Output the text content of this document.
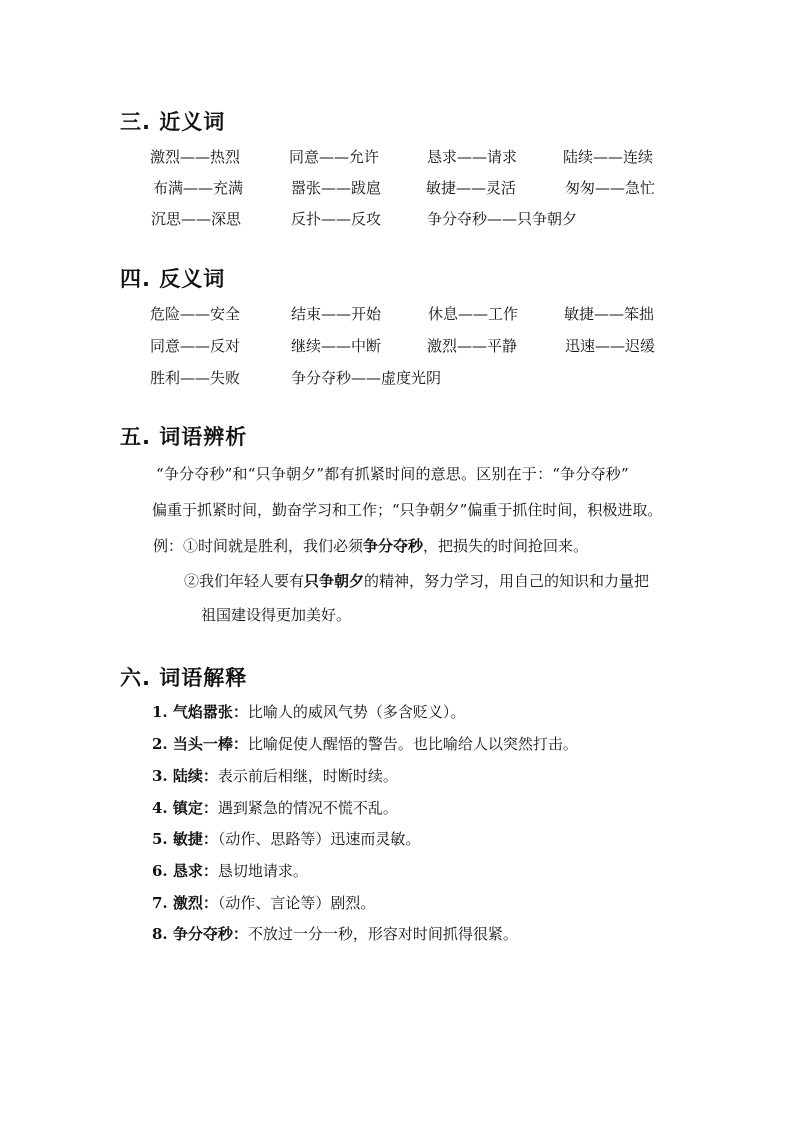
三. 近义词
激烈——热烈	同意——允许	恳求——请求	陆续——连续
布满——充满	嚣张——跋扈	敏捷——灵活	匆匆——急忙
沉思——深思	反扑——反攻	争分夺秒——只争朝夕
四. 反义词
危险——安全	结束——开始	休息——工作	敏捷——笨拙
同意——反对	继续——中断	激烈——平静	迅速——迟缓
胜利——失败	争分夺秒——虚度光阴
五. 词语辨析
“争分夺秒”和“只争朝夕”都有抓紧时间的意思。区别在于：“争分夺秒”
偏重于抓紧时间，勤奋学习和工作；“只争朝夕”偏重于抓住时间，积极进取。
例：①时间就是胜利，我们必须争分夺秒，把损失的时间抢回来。
②我们年轻人要有只争朝夕的精神，努力学习，用自己的知识和力量把
祖国建设得更加美好。
六. 词语解释
1. 气焰嚣张：比喻人的威风气势（多含贬义）。
2. 当头一棒：比喻促使人醒悟的警告。也比喻给人以突然打击。
3. 陆续：表示前后相继，时断时续。
4. 镇定：遇到紧急的情况不慌不乱。
5. 敏捷：（动作、思路等）迅速而灵敏。
6. 恳求：恳切地请求。
7. 激烈：（动作、言论等）剧烈。
8. 争分夺秒：不放过一分一秒，形容对时间抓得很紧。
